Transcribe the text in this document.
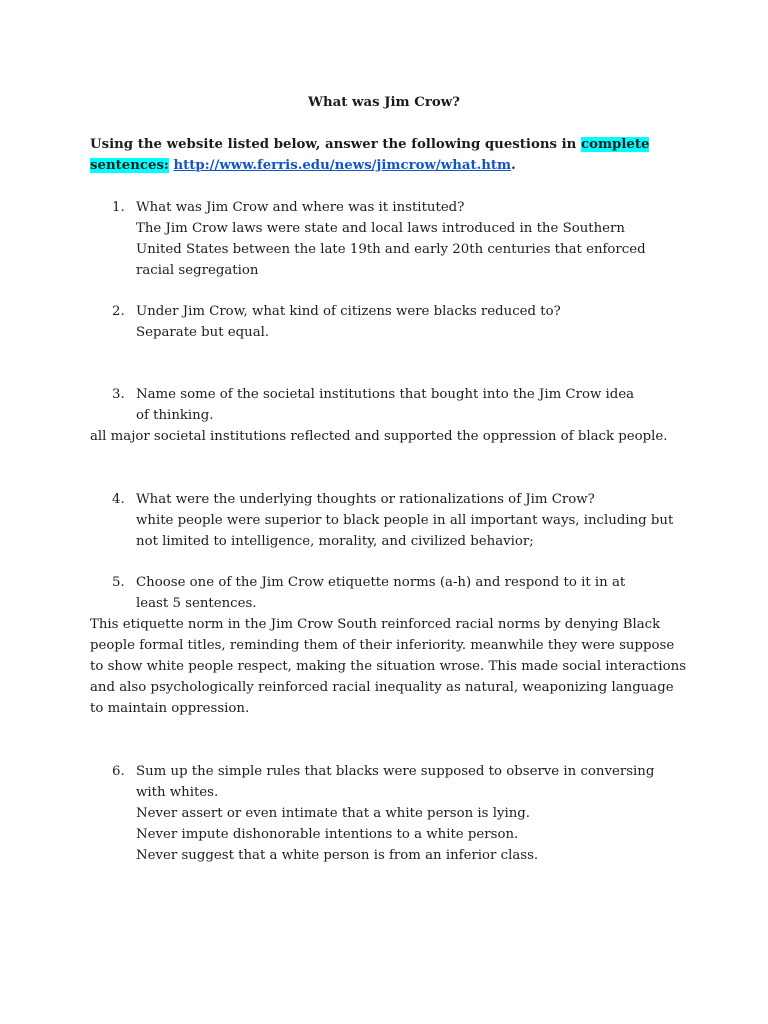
What was Jim Crow?
Using the website listed below, answer the following questions in complete
sentences: http://www.ferris.edu/news/jimcrow/what.htm.
1. What was Jim Crow and where was it instituted?
The Jim Crow laws were state and local laws introduced in the Southern United States between the late 19th and early 20th centuries that enforced racial segregation
2. Under Jim Crow, what kind of citizens were blacks reduced to?
Separate but equal.
3. Name some of the societal institutions that bought into the Jim Crow idea of thinking.
all major societal institutions reflected and supported the oppression of black people.
4. What were the underlying thoughts or rationalizations of Jim Crow?
white people were superior to black people in all important ways, including but not limited to intelligence, morality, and civilized behavior;
5. Choose one of the Jim Crow etiquette norms (a-h) and respond to it in at least 5 sentences.
This etiquette norm in the Jim Crow South reinforced racial norms by denying Black people formal titles, reminding them of their inferiority. meanwhile they were suppose to show white people respect, making the situation wrose. This made social interactions and also psychologically reinforced racial inequality as natural, weaponizing language to maintain oppression.
6. Sum up the simple rules that blacks were supposed to observe in conversing with whites.
Never assert or even intimate that a white person is lying.
Never impute dishonorable intentions to a white person.
Never suggest that a white person is from an inferior class.
